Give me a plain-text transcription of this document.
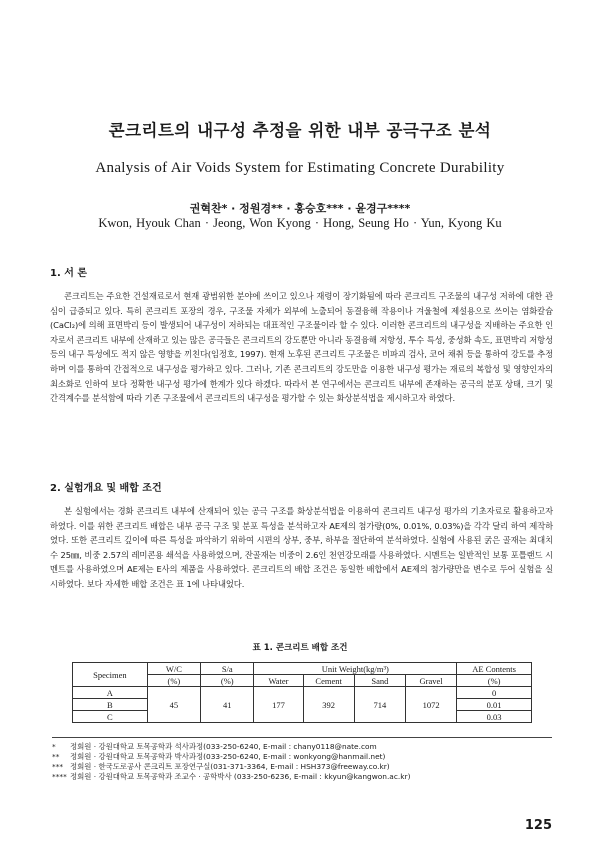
콘크리트의 내구성 추정을 위한 내부 공극구조 분석
Analysis of Air Voids System for Estimating Concrete Durability
권혁찬* · 정원경** · 홍승호*** · 윤경구****
Kwon, Hyouk Chan · Jeong, Won Kyong · Hong, Seung Ho · Yun, Kyong Ku
1. 서 론
콘크리트는 주요한 건설재료로서 현재 광범위한 분야에 쓰이고 있으나 재령이 장기화됨에 따라 콘크리트 구조물의 내구성 저하에 대한 관심이 급증되고 있다. 특히 콘크리트 포장의 경우, 구조물 자체가 외부에 노출되어 동결융해 작용이나 겨울철에 제설용으로 쓰이는 염화칼슘(CaCl₂)에 의해 표면박리 등이 발생되어 내구성이 저하되는 대표적인 구조물이라 할 수 있다. 이러한 콘크리트의 내구성을 지배하는 주요한 인자로서 콘크리트 내부에 산재하고 있는 많은 공극들은 콘크리트의 강도뿐만 아니라 동결융해 저항성, 투수 특성, 중성화 속도, 표면박리 저항성 등의 내구 특성에도 적지 않은 영향을 끼친다(임정호, 1997). 현재 노후된 콘크리트 구조물은 비파괴 검사, 코어 채취 등을 통하여 강도를 추정하며 이를 통하여 간접적으로 내구성을 평가하고 있다. 그러나, 기존 콘크리트의 강도만을 이용한 내구성 평가는 재료의 복합성 및 영향인자의 최소화로 인하여 보다 정확한 내구성 평가에 한계가 있다 하겠다. 따라서 본 연구에서는 콘크리트 내부에 존재하는 공극의 분포 상태, 크기 및 간격계수를 분석함에 따라 기존 구조물에서 콘크리트의 내구성을 평가할 수 있는 화상분석법을 제시하고자 하였다.
2. 실험개요 및 배합 조건
본 실험에서는 경화 콘크리트 내부에 산재되어 있는 공극 구조를 화상분석법을 이용하여 콘크리트 내구성 평가의 기초자료로 활용하고자 하였다. 이를 위한 콘크리트 배합은 내부 공극 구조 및 분포 특성을 분석하고자 AE제의 첨가량(0%, 0.01%, 0.03%)을 각각 달리 하여 제작하였다. 또한 콘크리트 깊이에 따른 특성을 파악하기 위하여 시편의 상부, 중부, 하부을 절단하여 분석하였다. 실험에 사용된 굵은 골재는 최대치수 25㎜, 비중 2.57의 레미콘용 쇄석을 사용하였으며, 잔골재는 비중이 2.6인 천연강모래를 사용하였다. 시멘트는 일반적인 보통 포틀랜드 시멘트를 사용하였으며 AE제는 E사의 제품을 사용하였다. 콘크리트의 배합 조건은 동일한 배합에서 AE제의 첨가량만을 변수로 두어 실험을 실시하였다. 보다 자세한 배합 조건은 표 1에 나타내었다.
표 1. 콘크리트 배합 조건
Specimen	W/C	S/a	Unit Weight(kg/m³)				AE Contents
	(%)	(%)	Water	Cement	Sand	Gravel	(%)
A	45	41	177	392	714	1072	0
B							0.01
C							0.03
* 정회원 · 강원대학교 토목공학과 석사과정(033-250-6240, E-mail : chany0118@nate.com
** 정회원 · 강원대학교 토목공학과 박사과정(033-250-6240, E-mail : wonkyong@hanmail.net)
*** 정회원 · 한국도로공사 콘크리트 포장연구실(031-371-3364, E-mail : HSH373@freeway.co.kr)
**** 정회원 · 강원대학교 토목공학과 조교수 · 공학박사 (033-250-6236, E-mail : kkyun@kangwon.ac.kr)
125
